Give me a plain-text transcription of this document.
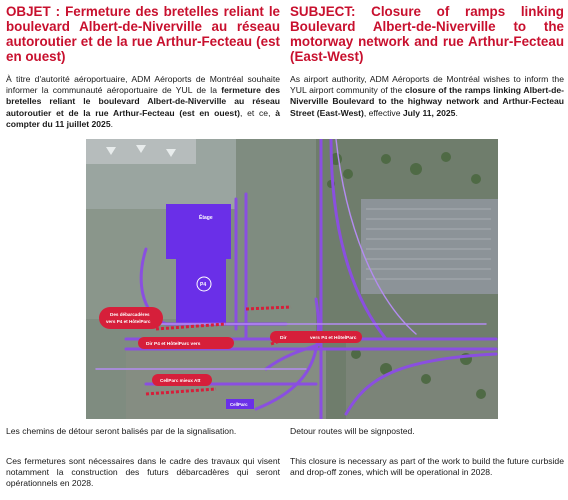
OBJET : Fermeture des bretelles reliant le boulevard Albert-de-Niverville au réseau autoroutier et de la rue Arthur-Fecteau (est en ouest)
SUBJECT: Closure of ramps linking Boulevard Albert-de-Niverville to the motorway network and rue Arthur-Fecteau (East-West)

À titre d'autorité aéroportuaire, ADM Aéroports de Montréal souhaite informer la communauté aéroportuaire de YUL de la fermeture des bretelles reliant le boulevard Albert-de-Niverville au réseau autoroutier et de la rue Arthur-Fecteau (est en ouest), et ce, à compter du 11 juillet 2025.

As airport authority, ADM Aéroports de Montréal wishes to inform the YUL airport community of the closure of the ramps linking Albert-de-Niverville Boulevard to the highway network and Arthur-Fecteau Street (East-West), effective July 11, 2025.

Étage
P4
Des débarcadères
vers P4 et HôtelParc
Dir P4 et HôtelParc vers
Dir	vers P4 et HôtelParc
CellParc mieux Att
CellParc

Les chemins de détour seront balisés par de la signalisation.

Ces fermetures sont nécessaires dans le cadre des travaux qui visent notamment la construction des futurs débarcadères qui seront opérationnels en 2028.

Detour routes will be signposted.

This closure is necessary as part of the work to build the future curbside and drop-off zones, which will be operational in 2028.
